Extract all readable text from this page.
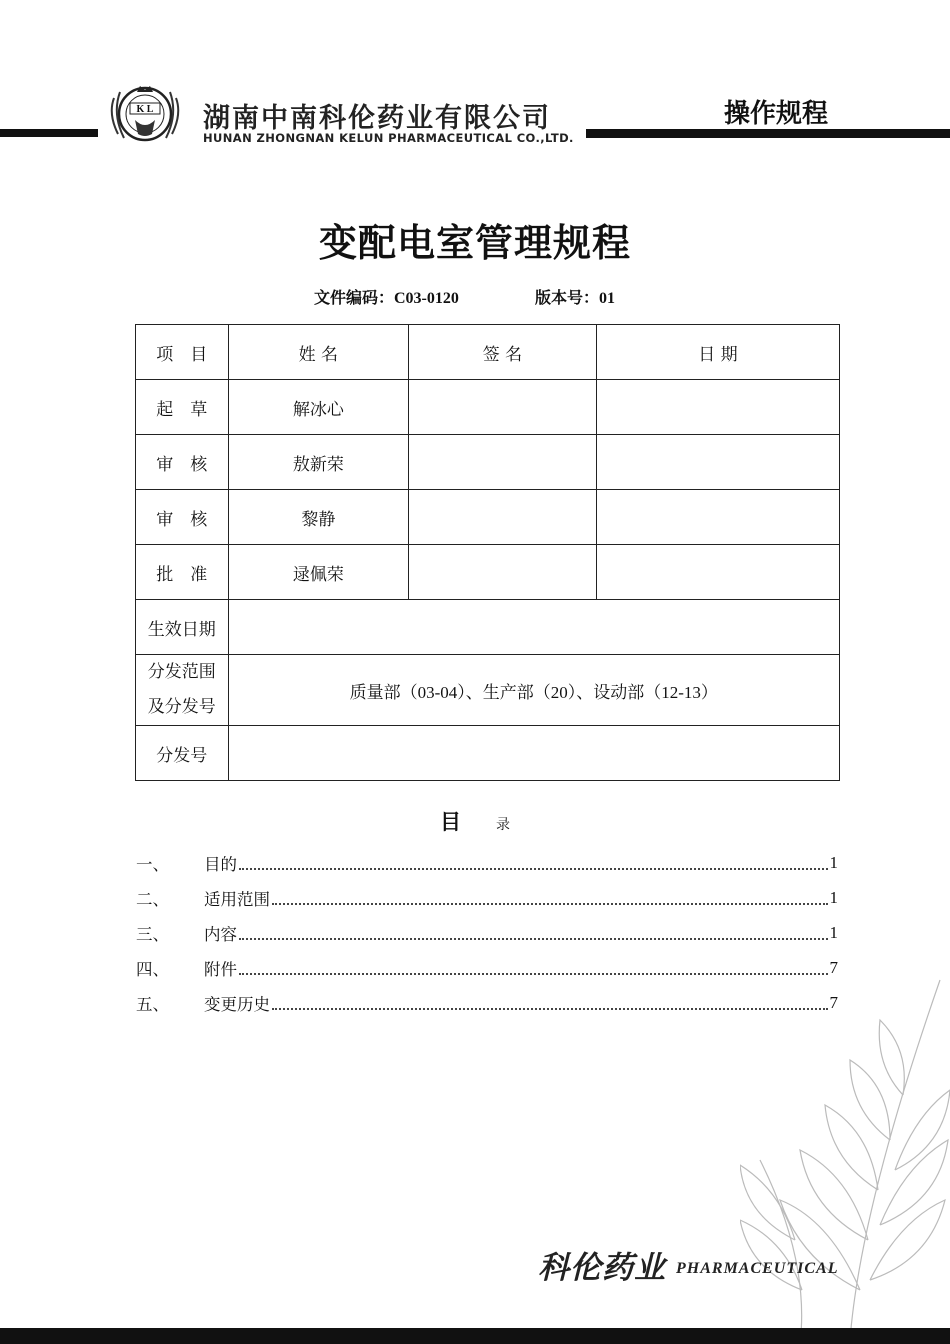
K L 湖南中南科伦药业有限公司
HUNAN ZHONGNAN KELUN PHARMACEUTICAL CO.,LTD.
操作规程
变配电室管理规程
文件编码：C03-0120	版本号：01
项　目	姓 名	签 名	日 期
起　草	解冰心		
审　核	敖新荣		
审　核	黎静		
批　准	逯佩荣		
生效日期			
分发范围
及分发号	质量部（03-04）、生产部（20）、设动部（12-13）		
分发号			
目	录
一、	目的	1
二、	适用范围	1
三、	内容	1
四、	附件	7
五、	变更历史	7
科伦药业 PHARMACEUTICAL
